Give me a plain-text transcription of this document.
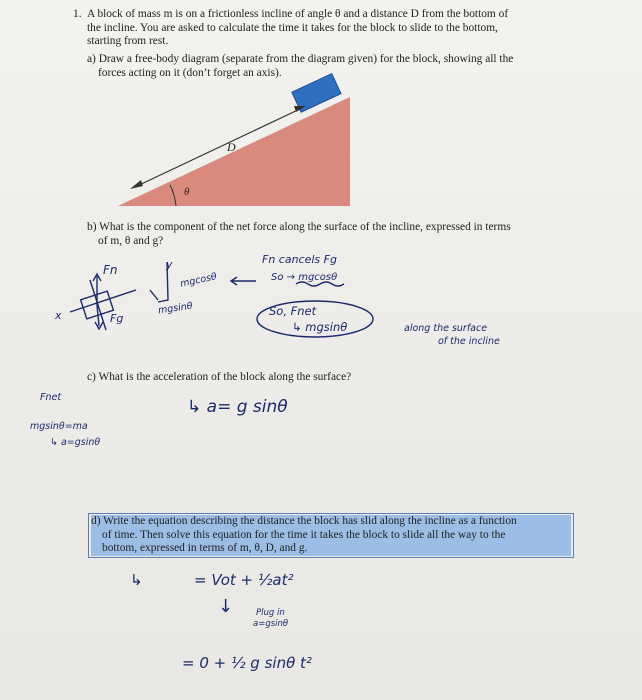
1. A block of mass m is on a frictionless incline of angle θ and a distance D from the bottom of
the incline. You are asked to calculate the time it takes for the block to slide to the bottom,
starting from rest.
a) Draw a free-body diagram (separate from the diagram given) for the block, showing all the
forces acting on it (don’t forget an axis).
b) What is the component of the net force along the surface of the incline, expressed in terms
of m, θ and g?
c) What is the acceleration of the block along the surface?
d) Write the equation describing the distance the block has slid along the incline as a function
of time. Then solve this equation for the time it takes the block to slide all the way to the
bottom, expressed in terms of m, θ, D, and g.
D
θ
Fn
Fg
x
y
mgcosθ
mgsinθ
Fn cancels Fg
So → mgcosθ
So, Fnet
↳ mgsinθ	along the surface
of the incline
Fnet
mgsinθ=ma
↳ a=gsinθ
↳ a= g sinθ
↳	= Vot + ½at²
↓	Plug in
a=gsinθ
= 0 + ½ g sinθ t²
